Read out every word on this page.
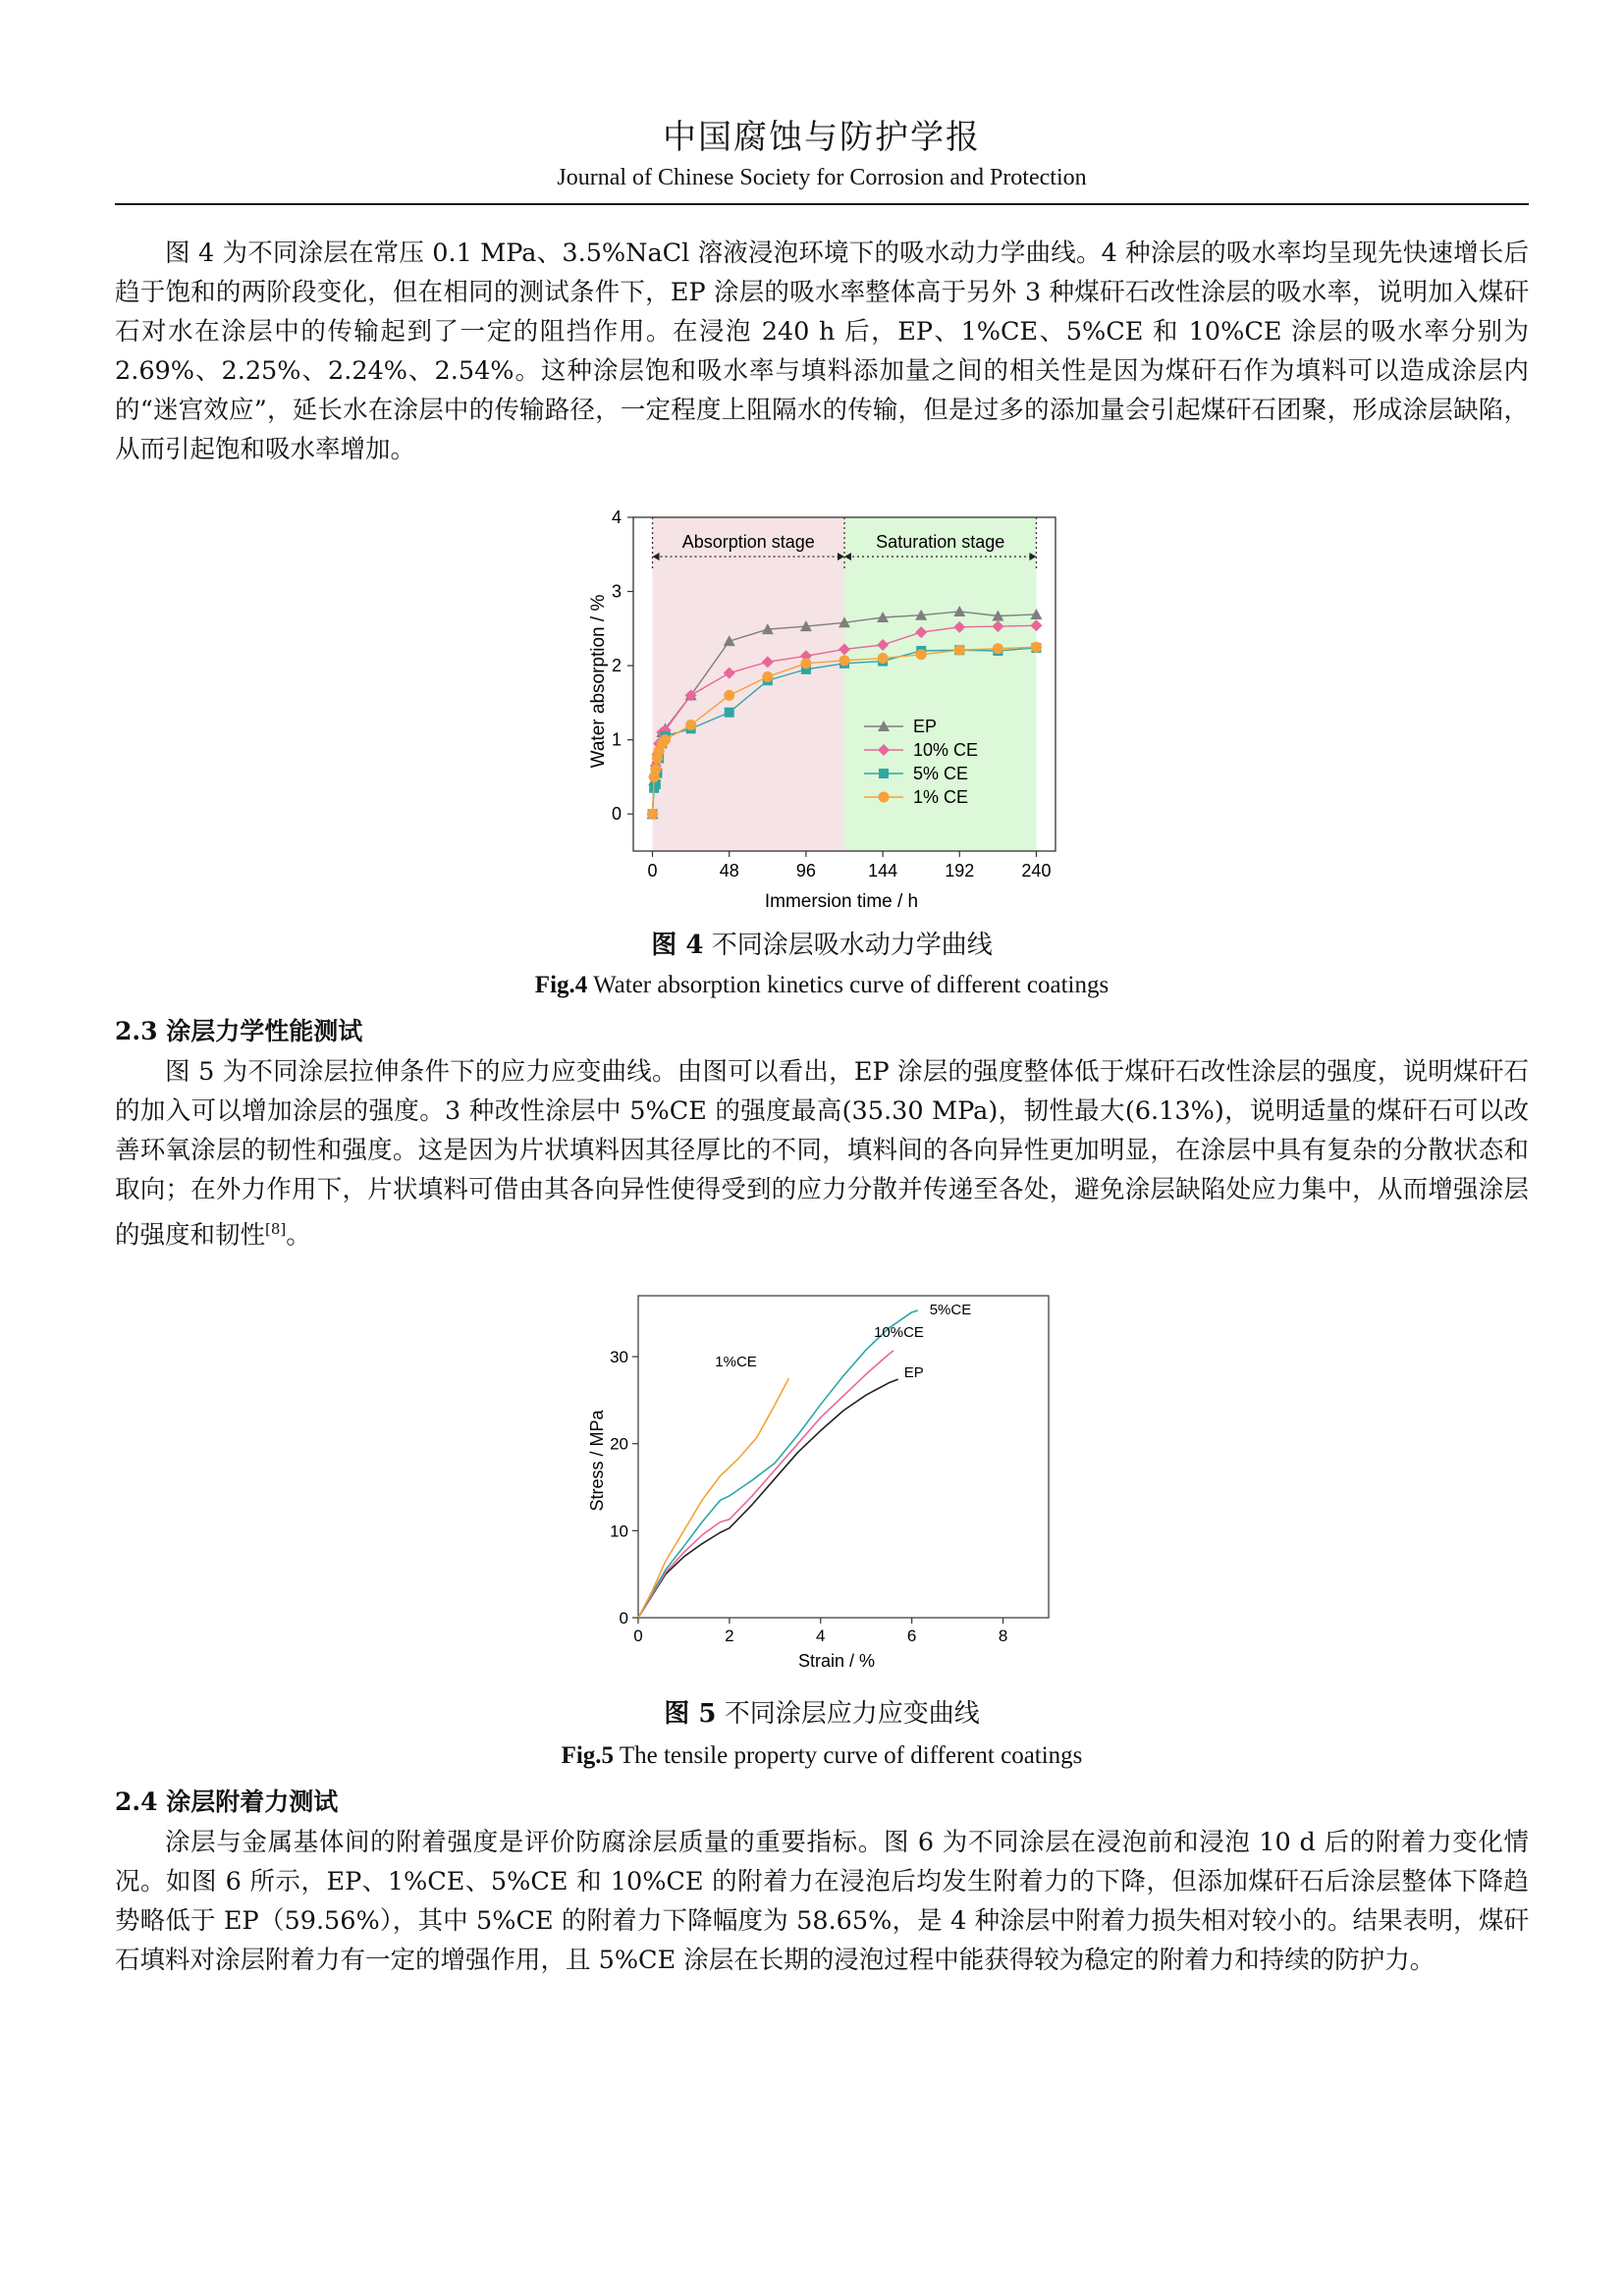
中国腐蚀与防护学报
Journal of Chinese Society for Corrosion and Protection

图 4 为不同涂层在常压 0.1 MPa、3.5%NaCl 溶液浸泡环境下的吸水动力学曲线。4 种涂层的吸水率均呈现先快速增长后趋于饱和的两阶段变化，但在相同的测试条件下，EP 涂层的吸水率整体高于另外 3 种煤矸石改性涂层的吸水率，说明加入煤矸石对水在涂层中的传输起到了一定的阻挡作用。在浸泡 240 h 后，EP、1%CE、5%CE 和 10%CE 涂层的吸水率分别为 2.69%、2.25%、2.24%、2.54%。这种涂层饱和吸水率与填料添加量之间的相关性是因为煤矸石作为填料可以造成涂层内的“迷宫效应”，延长水在涂层中的传输路径，一定程度上阻隔水的传输，但是过多的添加量会引起煤矸石团聚，形成涂层缺陷，从而引起饱和吸水率增加。

Absorption stage	Saturation stage
0	48	96	144	192	240
0
1
2
3
4
EP
10% CE
5% CE
1% CE
Immersion time / h
Water absorption / %
图 4 不同涂层吸水动力学曲线
Fig.4 Water absorption kinetics curve of different coatings

2.3 涂层力学性能测试

图 5 为不同涂层拉伸条件下的应力应变曲线。由图可以看出，EP 涂层的强度整体低于煤矸石改性涂层的强度，说明煤矸石的加入可以增加涂层的强度。3 种改性涂层中 5%CE 的强度最高(35.30 MPa)，韧性最大(6.13%)，说明适量的煤矸石可以改善环氧涂层的韧性和强度。这是因为片状填料因其径厚比的不同，填料间的各向异性更加明显，在涂层中具有复杂的分散状态和取向；在外力作用下，片状填料可借由其各向异性使得受到的应力分散并传递至各处，避免涂层缺陷处应力集中，从而增强涂层的强度和韧性[8]。

0	2	4	6	8
0
10
20
30
EP
10%CE
5%CE
1%CE
Strain / %
Stress / MPa
图 5 不同涂层应力应变曲线
Fig.5 The tensile property curve of different coatings

2.4 涂层附着力测试

涂层与金属基体间的附着强度是评价防腐涂层质量的重要指标。图 6 为不同涂层在浸泡前和浸泡 10 d 后的附着力变化情况。如图 6 所示，EP、1%CE、5%CE 和 10%CE 的附着力在浸泡后均发生附着力的下降，但添加煤矸石后涂层整体下降趋势略低于 EP（59.56%），其中 5%CE 的附着力下降幅度为 58.65%，是 4 种涂层中附着力损失相对较小的。结果表明，煤矸石填料对涂层附着力有一定的增强作用，且 5%CE 涂层在长期的浸泡过程中能获得较为稳定的附着力和持续的防护力。
